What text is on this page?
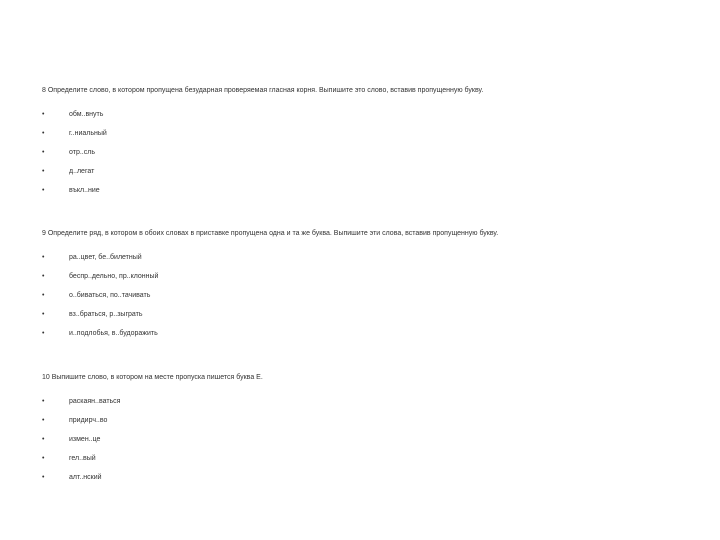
8 Определите слово, в котором пропущена безударная проверяемая гласная корня. Выпишите это слово, вставив пропущенную букву.

•	обм..внуть
•	г..ниальный
•	отр..сль
•	д..легат
•	въкл..ние

9 Определите ряд, в котором в обоих словах в приставке пропущена одна и та же буква. Выпишите эти слова, вставив пропущенную букву.

•	ра..цвет, бе..билетный
•	беспр..дельно, пр..клонный
•	о..биваться, по..тачивать
•	вз..браться, р..зыграть
•	и..подлобья, в..будоражить

10 Выпишите слово, в котором на месте пропуска пишется буква Е.

•	раскаян..ваться
•	придирч..во
•	измен..це
•	гел..вый
•	алт..нский
